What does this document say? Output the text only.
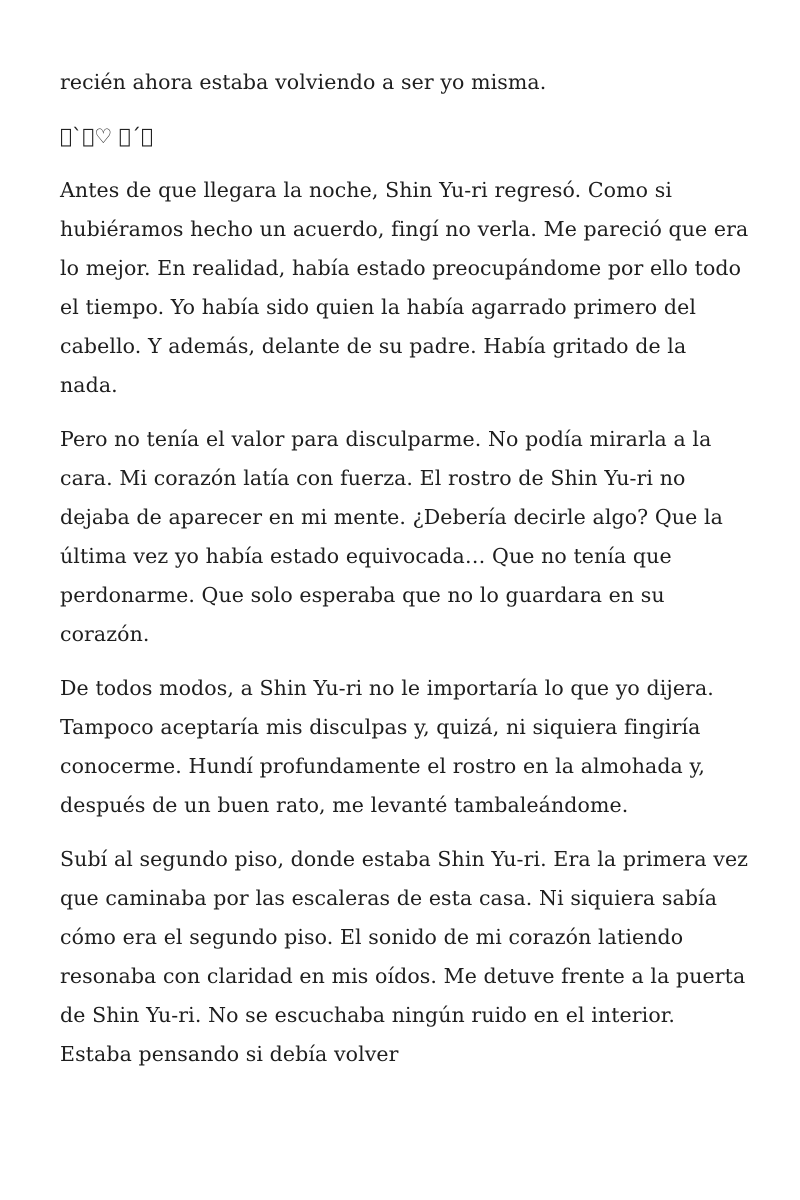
recién ahora estaba volviendo a ser yo misma.

 ` ♡  ´ 

Antes de que llegara la noche, Shin Yu-ri regresó. Como si hubiéramos hecho un acuerdo, fingí no verla. Me pareció que era lo mejor. En realidad, había estado preocupándome por ello todo el tiempo. Yo había sido quien la había agarrado primero del cabello. Y además, delante de su padre. Había gritado de la nada.

Pero no tenía el valor para disculparme. No podía mirarla a la cara. Mi corazón latía con fuerza. El rostro de Shin Yu-ri no dejaba de aparecer en mi mente. ¿Debería decirle algo? Que la última vez yo había estado equivocada… Que no tenía que perdonarme. Que solo esperaba que no lo guardara en su corazón.

De todos modos, a Shin Yu-ri no le importaría lo que yo dijera. Tampoco aceptaría mis disculpas y, quizá, ni siquiera fingiría conocerme. Hundí profundamente el rostro en la almohada y, después de un buen rato, me levanté tambaleándome.

Subí al segundo piso, donde estaba Shin Yu-ri. Era la primera vez que caminaba por las escaleras de esta casa. Ni siquiera sabía cómo era el segundo piso. El sonido de mi corazón latiendo resonaba con claridad en mis oídos. Me detuve frente a la puerta de Shin Yu-ri. No se escuchaba ningún ruido en el interior. Estaba pensando si debía volver
